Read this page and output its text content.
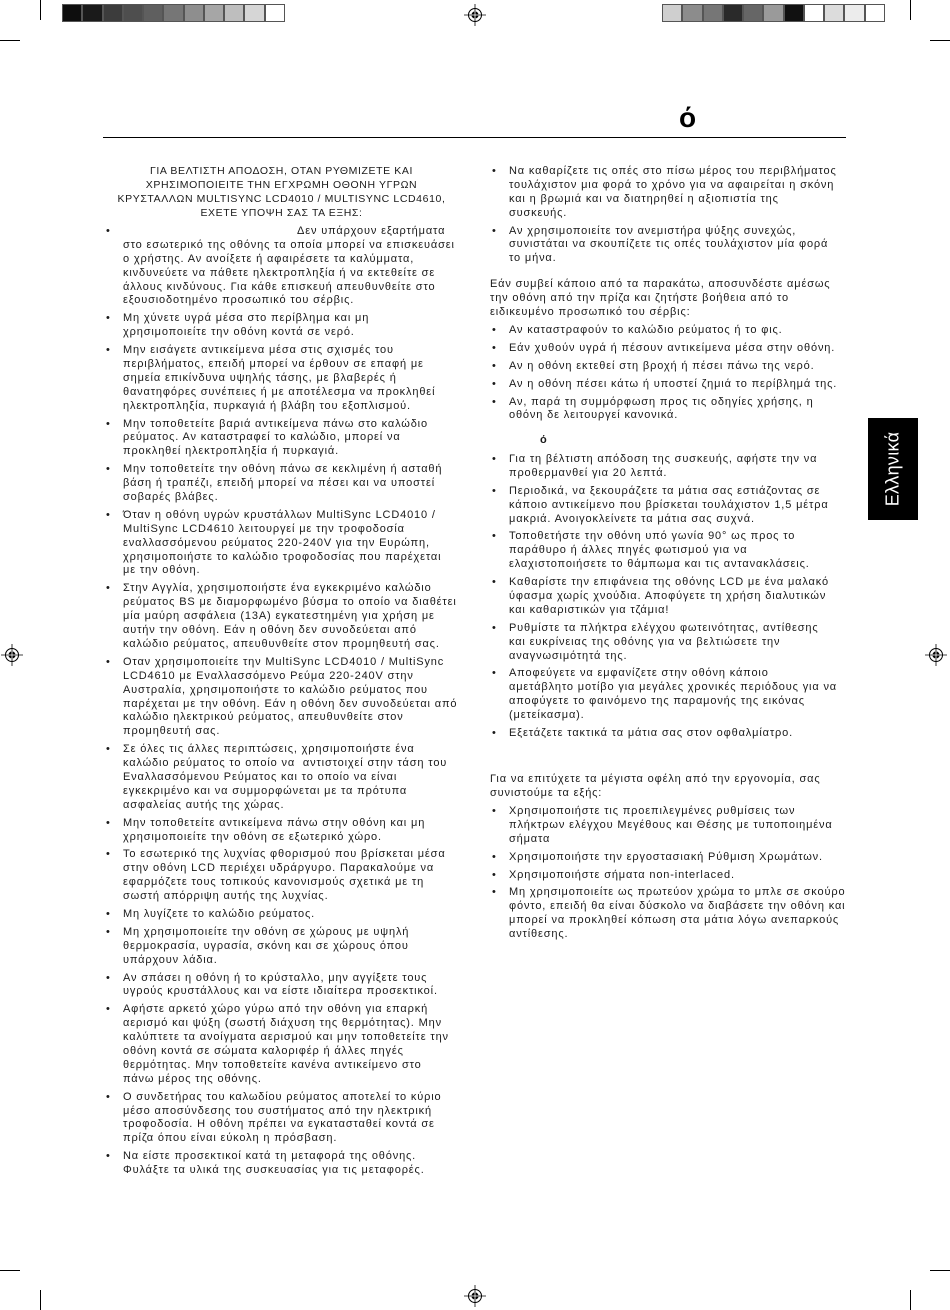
ό
ΓΙΑ ΒΕΛΤΙΣΤΗ ΑΠΟΔΟΣΗ, ΟΤΑΝ ΡΥΘΜΙΖΕΤΕ ΚΑΙ
ΧΡΗΣΙΜΟΠΟΙΕΙΤΕ ΤΗΝ ΕΓΧΡΩΜΗ ΟΘΟΝΗ ΥΓΡΩΝ
ΚΡΥΣΤΑΛΛΩΝ MULTISYNC LCD4010 / MULTISYNC LCD4610,
ΕΧΕΤΕ ΥΠΟΨΗ ΣΑΣ ΤΑ ΕΞΗΣ:
•	Δεν υπάρχουν εξαρτήματα
στο εσωτερικό της οθόνης τα οποία μπορεί να επισκευάσει
ο χρήστης. Αν ανοίξετε ή αφαιρέσετε τα καλύμματα,
κινδυνεύετε να πάθετε ηλεκτροπληξία ή να εκτεθείτε σε
άλλους κινδύνους. Για κάθε επισκευή απευθυνθείτε στο
εξουσιοδοτημένο προσωπικό του σέρβις.
• Μη χύνετε υγρά μέσα στο περίβλημα και μη
χρησιμοποιείτε την οθόνη κοντά σε νερό.
• Μην εισάγετε αντικείμενα μέσα στις σχισμές του
περιβλήματος, επειδή μπορεί να έρθουν σε επαφή με
σημεία επικίνδυνα υψηλής τάσης, με βλαβερές ή
θανατηφόρες συνέπειες ή με αποτέλεσμα να προκληθεί
ηλεκτροπληξία, πυρκαγιά ή βλάβη του εξοπλισμού.
• Μην τοποθετείτε βαριά αντικείμενα πάνω στο καλώδιο
ρεύματος. Αν καταστραφεί το καλώδιο, μπορεί να
προκληθεί ηλεκτροπληξία ή πυρκαγιά.
• Μην τοποθετείτε την οθόνη πάνω σε κεκλιμένη ή ασταθή
βάση ή τραπέζι, επειδή μπορεί να πέσει και να υποστεί
σοβαρές βλάβες.
• Όταν η οθόνη υγρών κρυστάλλων MultiSync LCD4010 /
MultiSync LCD4610 λειτουργεί με την τροφοδοσία
εναλλασσόμενου ρεύματος 220-240V για την Ευρώπη,
χρησιμοποιήστε το καλώδιο τροφοδοσίας που παρέχεται
με την οθόνη.
• Στην Αγγλία, χρησιμοποιήστε ένα εγκεκριμένο καλώδιο
ρεύματος BS με διαμορφωμένο βύσμα το οποίο να διαθέτει
μία μαύρη ασφάλεια (13A) εγκατεστημένη για χρήση με
αυτήν την οθόνη. Εάν η οθόνη δεν συνοδεύεται από
καλώδιο ρεύματος, απευθυνθείτε στον προμηθευτή σας.
• Οταν χρησιμοποιείτε την MultiSync LCD4010 / MultiSync
LCD4610 με Εναλλασσόμενο Ρεύμα 220-240V στην
Αυστραλία, χρησιμοποιήστε το καλώδιο ρεύματος που
παρέχεται με την οθόνη. Εάν η οθόνη δεν συνοδεύεται από
καλώδιο ηλεκτρικού ρεύματος, απευθυνθείτε στον
προμηθευτή σας.
• Σε όλες τις άλλες περιπτώσεις, χρησιμοποιήστε ένα
καλώδιο ρεύματος το οποίο να  αντιστοιχεί στην τάση του
Εναλλασσόμενου Ρεύματος και το οποίο να είναι
εγκεκριμένο και να συμμορφώνεται με τα πρότυπα
ασφαλείας αυτής της χώρας.
• Μην τοποθετείτε αντικείμενα πάνω στην οθόνη και μη
χρησιμοποιείτε την οθόνη σε εξωτερικό χώρο.
• Το εσωτερικό της λυχνίας φθορισμού που βρίσκεται μέσα
στην οθόνη LCD περιέχει υδράργυρο. Παρακαλούμε να
εφαρμόζετε τους τοπικούς κανονισμούς σχετικά με τη
σωστή απόρριψη αυτής της λυχνίας.
• Μη λυγίζετε το καλώδιο ρεύματος.
• Μη χρησιμοποιείτε την οθόνη σε χώρους με υψηλή
θερμοκρασία, υγρασία, σκόνη και σε χώρους όπου
υπάρχουν λάδια.
• Αν σπάσει η οθόνη ή το κρύσταλλο, μην αγγίξετε τους
υγρούς κρυστάλλους και να είστε ιδιαίτερα προσεκτικοί.
• Αφήστε αρκετό χώρο γύρω από την οθόνη για επαρκή
αερισμό και ψύξη (σωστή διάχυση της θερμότητας). Μην
καλύπτετε τα ανοίγματα αερισμού και μην τοποθετείτε την
οθόνη κοντά σε σώματα καλοριφέρ ή άλλες πηγές
θερμότητας. Μην τοποθετείτε κανένα αντικείμενο στο
πάνω μέρος της οθόνης.
• Ο συνδετήρας του καλωδίου ρεύματος αποτελεί το κύριο
μέσο αποσύνδεσης του συστήματος από την ηλεκτρική
τροφοδοσία. Η οθόνη πρέπει να εγκατασταθεί κοντά σε
πρίζα όπου είναι εύκολη η πρόσβαση.
• Να είστε προσεκτικοί κατά τη μεταφορά της οθόνης.
Φυλάξτε τα υλικά της συσκευασίας για τις μεταφορές.
• Να καθαρίζετε τις οπές στο πίσω μέρος του περιβλήματος
τουλάχιστον μια φορά το χρόνο για να αφαιρείται η σκόνη
και η βρωμιά και να διατηρηθεί η αξιοπιστία της
συσκευής.
• Αν χρησιμοποιείτε τον ανεμιστήρα ψύξης συνεχώς,
συνιστάται να σκουπίζετε τις οπές τουλάχιστον μία φορά
το μήνα.
Εάν συμβεί κάποιο από τα παρακάτω, αποσυνδέστε αμέσως
την οθόνη από την πρίζα και ζητήστε βοήθεια από το
ειδικευμένο προσωπικό του σέρβις:
• Αν καταστραφούν το καλώδιο ρεύματος ή το φις.
• Εάν χυθούν υγρά ή πέσουν αντικείμενα μέσα στην οθόνη.
• Αν η οθόνη εκτεθεί στη βροχή ή πέσει πάνω της νερό.
• Αν η οθόνη πέσει κάτω ή υποστεί ζημιά το περίβλημά της.
• Αν, παρά τη συμμόρφωση προς τις οδηγίες χρήσης, η
οθόνη δε λειτουργεί κανονικά.
ό
• Για τη βέλτιστη απόδοση της συσκευής, αφήστε την να
προθερμανθεί για 20 λεπτά.
• Περιοδικά, να ξεκουράζετε τα μάτια σας εστιάζοντας σε
κάποιο αντικείμενο που βρίσκεται τουλάχιστον 1,5 μέτρα
μακριά. Ανοιγοκλείνετε τα μάτια σας συχνά.
• Τοποθετήστε την οθόνη υπό γωνία 90° ως προς το
παράθυρο ή άλλες πηγές φωτισμού για να
ελαχιστοποιήσετε το θάμπωμα και τις αντανακλάσεις.
• Καθαρίστε την επιφάνεια της οθόνης LCD με ένα μαλακό
ύφασμα χωρίς χνούδια. Αποφύγετε τη χρήση διαλυτικών
και καθαριστικών για τζάμια!
• Ρυθμίστε τα πλήκτρα ελέγχου φωτεινότητας, αντίθεσης
και ευκρίνειας της οθόνης για να βελτιώσετε την
αναγνωσιμότητά της.
• Αποφεύγετε να εμφανίζετε στην οθόνη κάποιο
αμετάβλητο μοτίβο για μεγάλες χρονικές περιόδους για να
αποφύγετε το φαινόμενο της παραμονής της εικόνας
(μετείκασμα).
• Εξετάζετε τακτικά τα μάτια σας στον οφθαλμίατρο.
Για να επιτύχετε τα μέγιστα οφέλη από την εργονομία, σας
συνιστούμε τα εξής:
• Χρησιμοποιήστε τις προεπιλεγμένες ρυθμίσεις των
πλήκτρων ελέγχου Μεγέθους και Θέσης με τυποποιημένα
σήματα
• Χρησιμοποιήστε την εργοστασιακή Ρύθμιση Χρωμάτων.
• Χρησιμοποιήστε σήματα non-interlaced.
• Μη χρησιμοποιείτε ως πρωτεύον χρώμα το μπλε σε σκούρο
φόντο, επειδή θα είναι δύσκολο να διαβάσετε την οθόνη και
μπορεί να προκληθεί κόπωση στα μάτια λόγω ανεπαρκούς
αντίθεσης.
Ελληνικά
